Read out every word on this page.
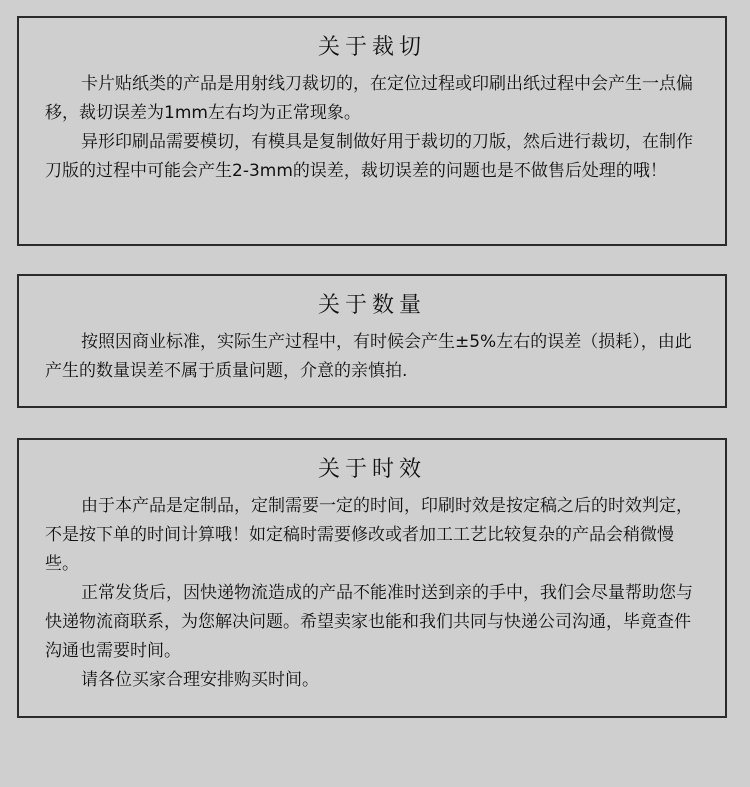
关于裁切

卡片贴纸类的产品是用射线刀裁切的，在定位过程或印刷出纸过程中会产生一点偏移，裁切误差为1mm左右均为正常现象。

异形印刷品需要模切，有模具是复制做好用于裁切的刀版，然后进行裁切，在制作刀版的过程中可能会产生2-3mm的误差，裁切误差的问题也是不做售后处理的哦！

关于数量

按照因商业标准，实际生产过程中，有时候会产生±5%左右的误差（损耗），由此产生的数量误差不属于质量问题，介意的亲慎拍.

关于时效

由于本产品是定制品，定制需要一定的时间，印刷时效是按定稿之后的时效判定，不是按下单的时间计算哦！如定稿时需要修改或者加工工艺比较复杂的产品会稍微慢些。

正常发货后，因快递物流造成的产品不能准时送到亲的手中，我们会尽量帮助您与快递物流商联系，为您解决问题。希望卖家也能和我们共同与快递公司沟通，毕竟查件沟通也需要时间。

请各位买家合理安排购买时间。
